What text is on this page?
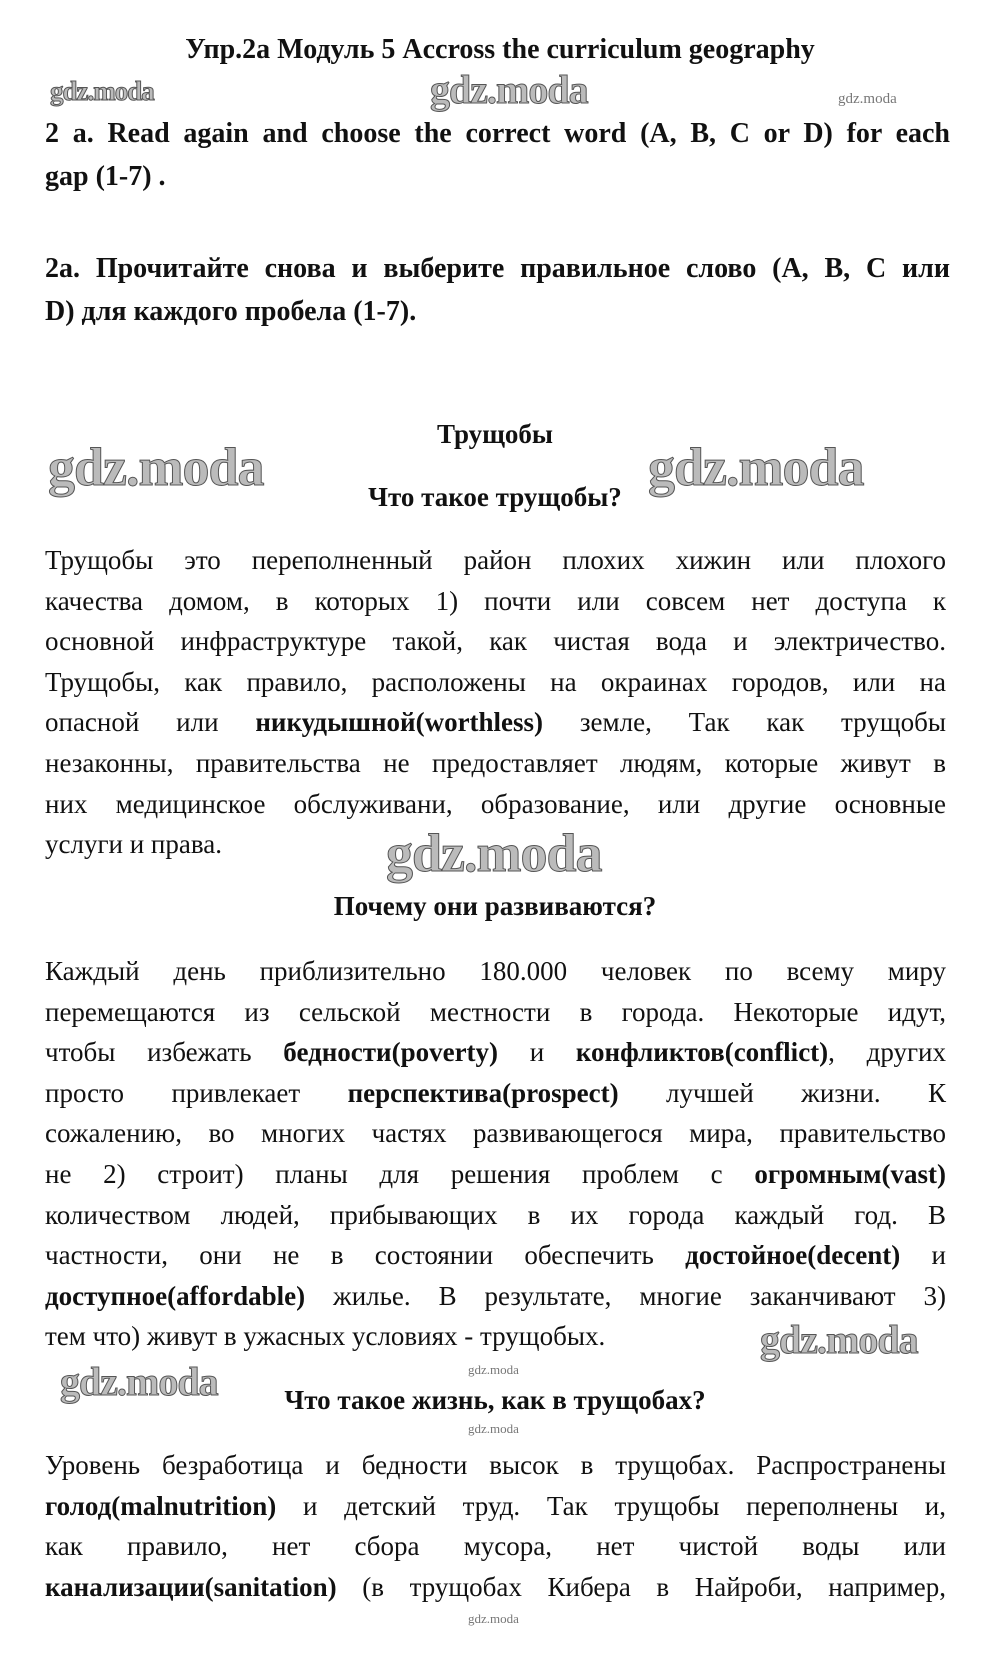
Упр.2a Модуль 5 Accross the curriculum geography
2 a. Read again and choose the correct word (A, B, C or D) for each
gap (1-7) .
2a. Прочитайте снова и выберите правильное слово (A, B, C или
D) для каждого пробела (1-7).
Трущобы
Что такое трущобы?
Трущобы это переполненный район плохих хижин или плохого
качества домом, в которых 1) почти или совсем нет доступа к
основной инфраструктуре такой, как чистая вода и электричество.
Трущобы, как правило, расположены на окраинах городов, или на
опасной или никудышной(worthless) земле, Так как трущобы
незаконны, правительства не предоставляет людям, которые живут в
них медицинское обслуживани, образование, или другие основные
услуги и права.
Почему они развиваются?
Каждый день приблизительно 180.000 человек по всему миру
перемещаются из сельской местности в города. Некоторые идут,
чтобы избежать бедности(poverty) и конфликтов(conflict), других
просто привлекает перспектива(prospect) лучшей жизни. К
сожалению, во многих частях развивающегося мира, правительство
не 2) строит) планы для решения проблем с огромным(vast)
количеством людей, прибывающих в их города каждый год. В
частности, они не в состоянии обеспечить достойное(decent) и
доступное(affordable) жилье. В результате, многие заканчивают 3)
тем что) живут в ужасных условиях - трущобых.
Что такое жизнь, как в трущобах?
Уровень безработица и бедности высок в трущобах. Распространены
голод(malnutrition) и детский труд. Так трущобы переполнены и,
как правило, нет сбора мусора, нет чистой воды или
канализации(sanitation) (в трущобах Кибера в Найроби, например,
gdz.moda	gdz.moda	gdz.moda
gdz.moda	gdz.moda
gdz.moda
gdz.moda
gdz.moda
gdz.moda
gdz.moda
gdz.moda
